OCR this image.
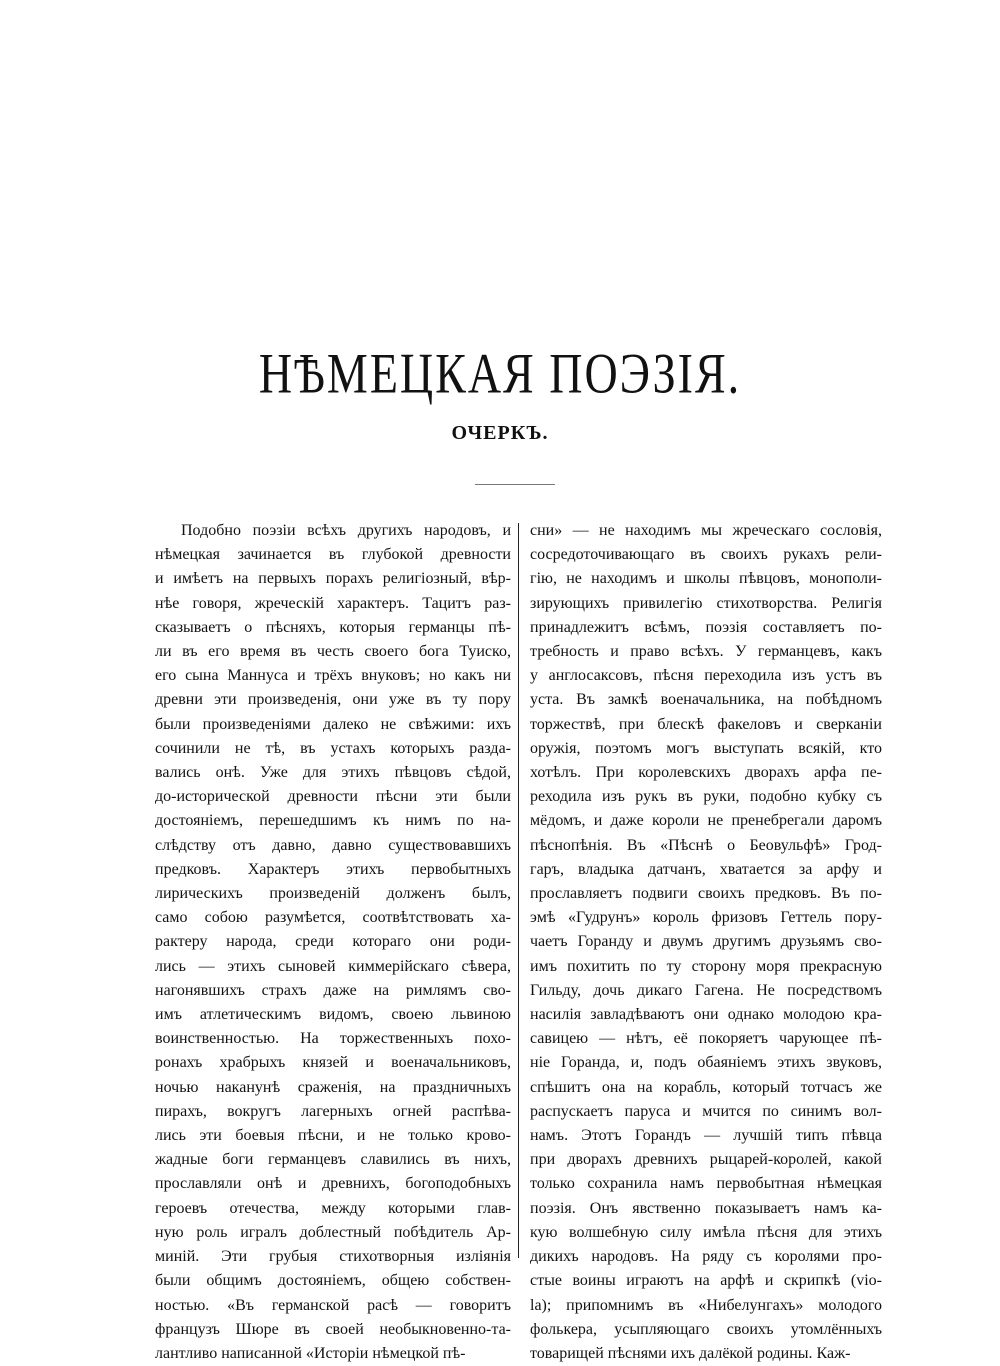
НѢМЕЦКАЯ ПОЭЗІЯ.
ОЧЕРКЪ.
сни» — не находимъ мы жреческаго сословія,
сосредоточивающаго въ своихъ рукахъ рели-
гію, не находимъ и школы пѣвцовъ, монополи-
зирующихъ привилегію стихотворства. Религія
принадлежитъ всѣмъ, поэзія составляетъ по-
требность и право всѣхъ. У германцевъ, какъ
у англосаксовъ, пѣсня переходила изъ устъ въ
уста. Въ замкѣ военачальника, на побѣдномъ
торжествѣ, при блескѣ факеловъ и сверканіи
оружія, поэтомъ могъ выступать всякій, кто
хотѣлъ. При королевскихъ дворахъ арфа пе-
реходила изъ рукъ въ руки, подобно кубку съ
мёдомъ, и даже короли не пренебрегали даромъ
пѣснопѣнія. Въ «Пѣснѣ о Беовульфѣ» Грод-
гаръ, владыка датчанъ, хватается за арфу и
прославляетъ подвиги своихъ предковъ. Въ по-
эмѣ «Гудрунъ» король фризовъ Геттель пору-
чаетъ Горанду и двумъ другимъ друзьямъ сво-
имъ похитить по ту сторону моря прекрасную
Гильду, дочь дикаго Гагена. Не посредствомъ
насилія завладѣваютъ они однако молодою кра-
савицею — нѣтъ, её покоряетъ чарующее пѣ-
ніе Горанда, и, подъ обаяніемъ этихъ звуковъ,
спѣшитъ она на корабль, который тотчасъ же
распускаетъ паруса и мчится по синимъ вол-
намъ. Этотъ Горандъ — лучшій типъ пѣвца
при дворахъ древнихъ рыцарей-королей, какой
только сохранила намъ первобытная нѣмецкая
поэзія. Онъ явственно показываетъ намъ ка-
кую волшебную силу имѣла пѣсня для этихъ
дикихъ народовъ. На ряду съ королями про-
стые воины играютъ на арфѣ и скрипкѣ (vio-
la); припомнимъ въ «Нибелунгахъ» молодого
фолькера, усыпляющаго своихъ утомлённыхъ
товарищей пѣснями ихъ далёкой родины. Каж-
Подобно поэзіи всѣхъ другихъ народовъ, и
нѣмецкая зачинается въ глубокой древности
и имѣетъ на первыхъ порахъ религіозный, вѣр-
нѣе говоря, жреческій характеръ. Тацитъ раз-
сказываетъ о пѣсняхъ, которыя германцы пѣ-
ли въ его время въ честь своего бога Туиско,
его сына Маннуса и трёхъ внуковъ; но какъ ни
древни эти произведенія, они уже въ ту пору
были произведеніями далеко не свѣжими: ихъ
сочинили не тѣ, въ устахъ которыхъ разда-
вались онѣ. Уже для этихъ пѣвцовъ сѣдой,
до-исторической древности пѣсни эти были
достояніемъ, перешедшимъ къ нимъ по на-
слѣдству отъ давно, давно существовавшихъ
предковъ. Характеръ этихъ первобытныхъ
лирическихъ произведеній долженъ былъ,
само собою разумѣется, соотвѣтствовать ха-
рактеру народа, среди котораго они роди-
лись — этихъ сыновей киммерійскаго сѣвера,
нагонявшихъ страхъ даже на римлямъ сво-
имъ атлетическимъ видомъ, своею львиною
воинственностью. На торжественныхъ похо-
ронахъ храбрыхъ князей и военачальниковъ,
ночью наканунѣ сраженія, на праздничныхъ
пирахъ, вокругъ лагерныхъ огней распѣва-
лись эти боевыя пѣсни, и не только крово-
жадные боги германцевъ славились въ нихъ,
прославляли онѣ и древнихъ, богоподобныхъ
героевъ отечества, между которыми глав-
ную роль игралъ доблестный побѣдитель Ар-
миній. Эти грубыя стихотворныя изліянія
были общимъ достояніемъ, общею собствен-
ностью. «Въ германской расѣ — говоритъ
французъ Шюре въ своей необыкновенно-та-
лантливо написанной «Исторіи нѣмецкой пѣ-
